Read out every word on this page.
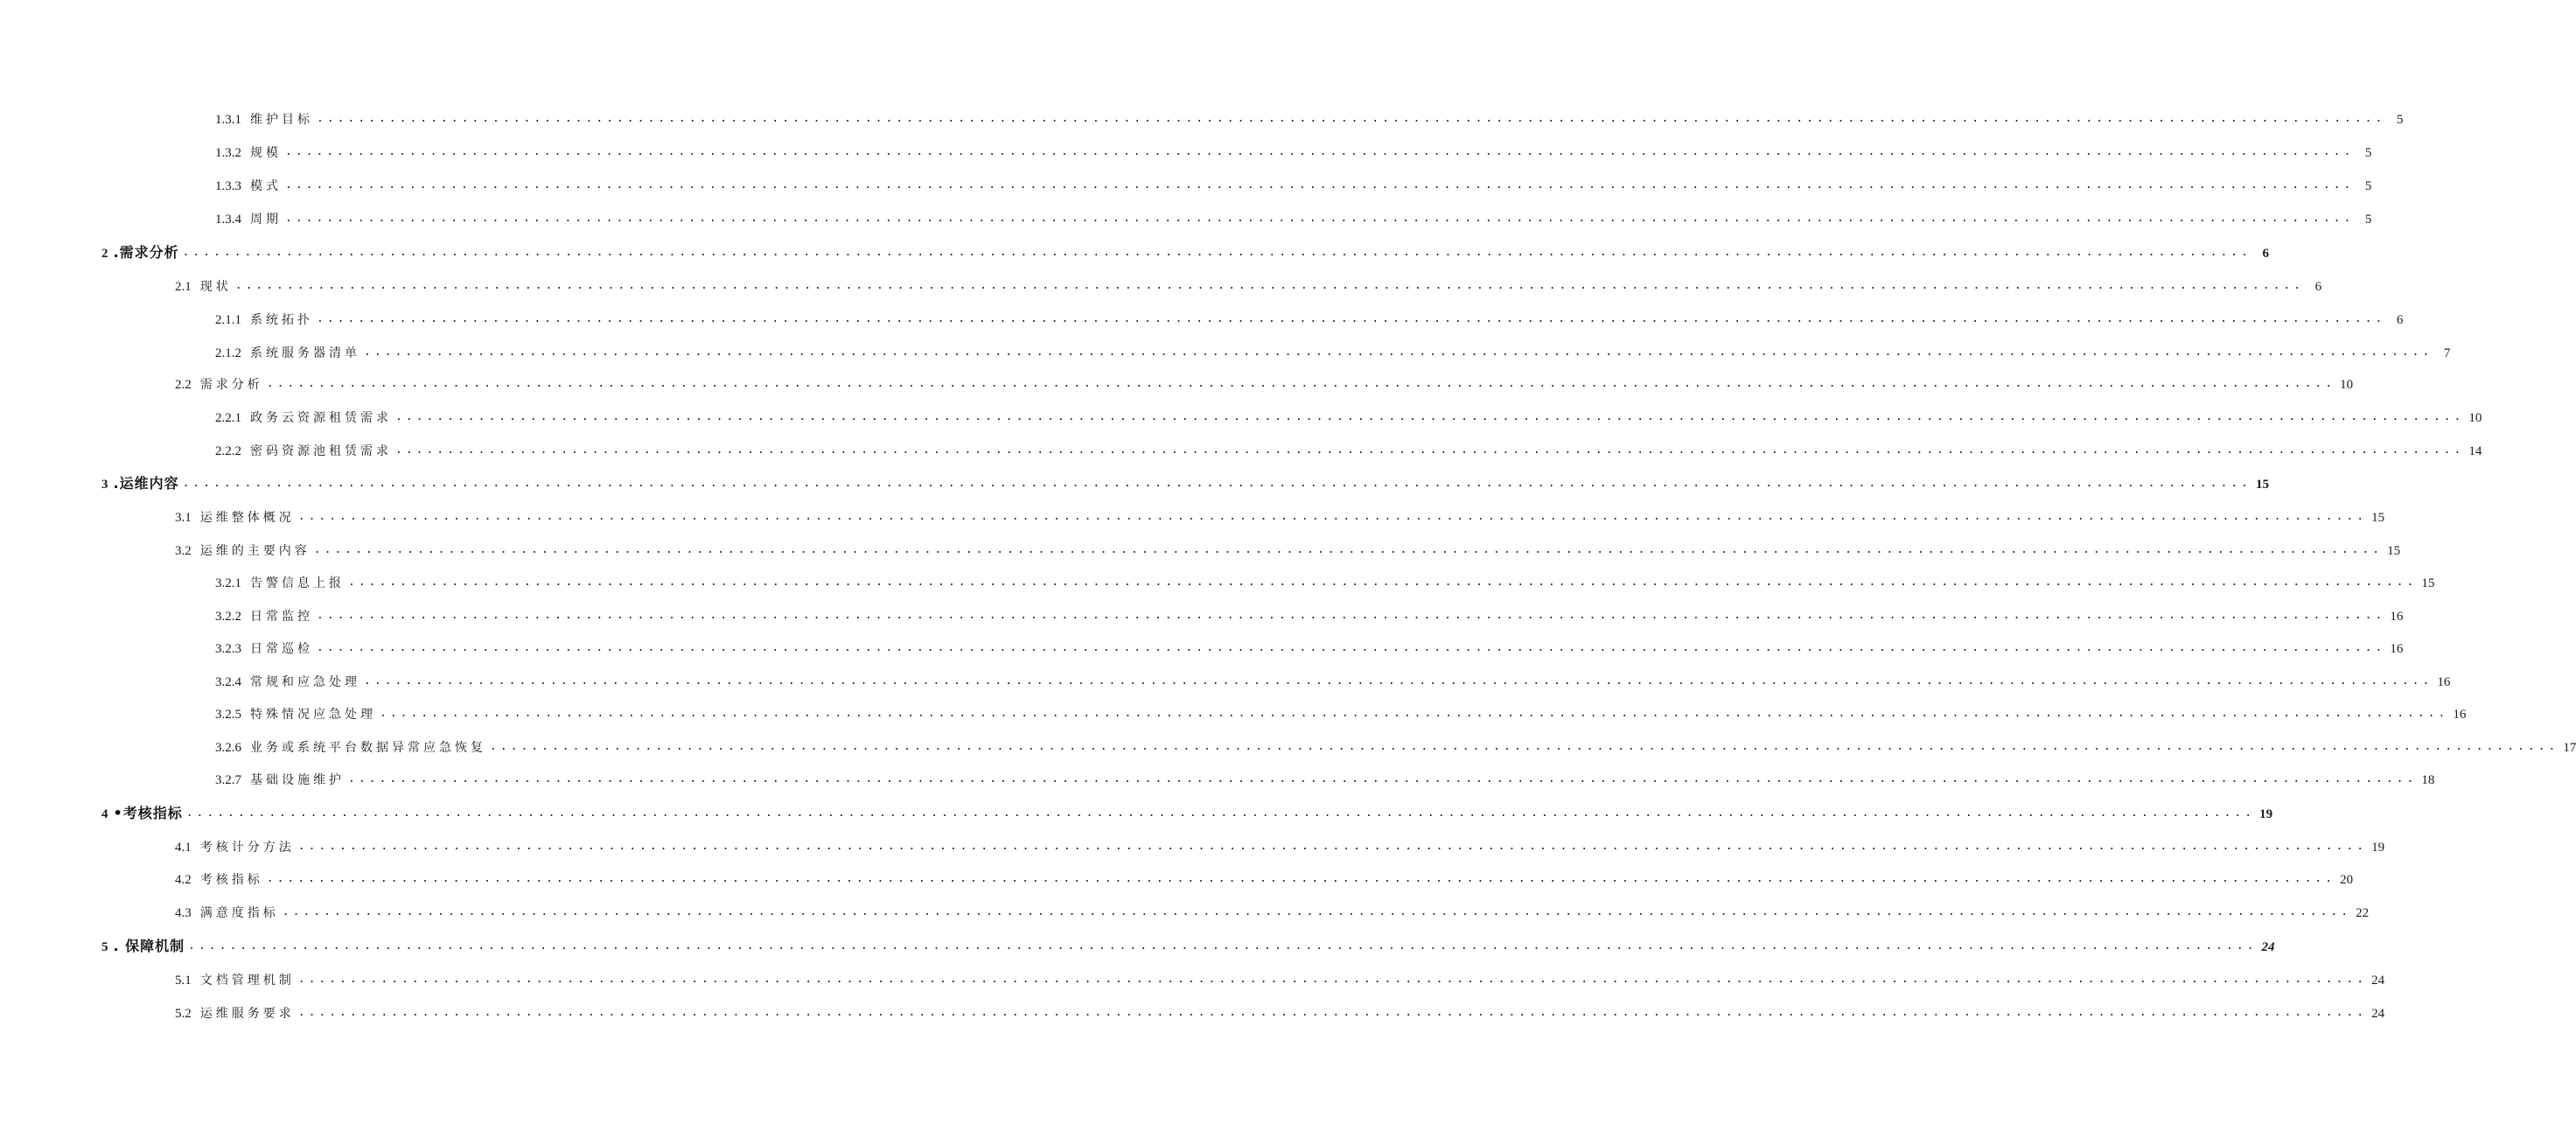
1.3.1 维护目标 ........................................................................................................................................................................................................ 5
1.3.2 规模 ........................................................................................................................................................................................................ 5
1.3.3 模式 ........................................................................................................................................................................................................ 5
1.3.4 周期 ........................................................................................................................................................................................................ 5
2 .需求分析 ........................................................................................................................................................................................................ 6
2.1 现状 ........................................................................................................................................................................................................ 6
2.1.1 系统拓扑 ........................................................................................................................................................................................................ 6
2.1.2 系统服务器清单 ........................................................................................................................................................................................................ 7
2.2 需求分析 ........................................................................................................................................................................................................ 10
2.2.1 政务云资源租赁需求 ........................................................................................................................................................................................................ 10
2.2.2 密码资源池租赁需求 ........................................................................................................................................................................................................ 14
3 .运维内容 ........................................................................................................................................................................................................ 15
3.1 运维整体概况 ........................................................................................................................................................................................................ 15
3.2 运维的主要内容 ........................................................................................................................................................................................................ 15
3.2.1 告警信息上报 ........................................................................................................................................................................................................ 15
3.2.2 日常监控 ........................................................................................................................................................................................................ 16
3.2.3 日常巡检 ........................................................................................................................................................................................................ 16
3.2.4 常规和应急处理 ........................................................................................................................................................................................................ 16
3.2.5 特殊情况应急处理 ........................................................................................................................................................................................................ 16
3.2.6 业务或系统平台数据异常应急恢复 ........................................................................................................................................................................................................ 17
3.2.7 基础设施维护 ........................................................................................................................................................................................................ 18
4 •考核指标 ........................................................................................................................................................................................................ 19
4.1 考核计分方法 ........................................................................................................................................................................................................ 19
4.2 考核指标 ........................................................................................................................................................................................................ 20
4.3 满意度指标 ........................................................................................................................................................................................................ 22
5 . 保障机制 ........................................................................................................................................................................................................ 24
5.1 文档管理机制 ........................................................................................................................................................................................................ 24
5.2 运维服务要求 ........................................................................................................................................................................................................ 24
